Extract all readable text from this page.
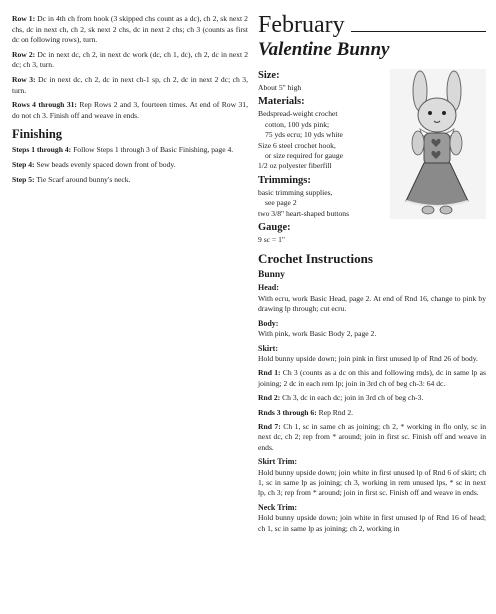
Row 1: Dc in 4th ch from hook (3 skipped chs count as a dc), ch 2, sk next 2 chs, dc in next ch, ch 2, sk next 2 chs, dc in next 2 chs; ch 3 (counts as first dc on following rows), turn.

Row 2: Dc in next dc, ch 2, in next dc work (dc, ch 1, dc), ch 2, dc in next 2 dc; ch 3, turn.

Row 3: Dc in next dc, ch 2, dc in next ch-1 sp, ch 2, dc in next 2 dc; ch 3, turn.

Rows 4 through 31: Rep Rows 2 and 3, fourteen times. At end of Row 31, do not ch 3. Finish off and weave in ends.

Finishing

Steps 1 through 4: Follow Steps 1 through 3 of Basic Finishing, page 4.

Step 4: Sew beads evenly spaced down front of body.

Step 5: Tie Scarf around bunny's neck.

February
Valentine Bunny
Size:
About 5" high
Materials:
Bedspread-weight crochet
cotton, 100 yds pink;
75 yds ecru; 10 yds white
Size 6 steel crochet hook,
or size required for gauge
1/2 oz polyester fiberfill
Trimmings:
basic trimming supplies,
see page 2
two 3/8" heart-shaped buttons
Gauge:
9 sc = 1"
Crochet Instructions
Bunny
Head:

With ecru, work Basic Head, page 2. At end of Rnd 16, change to pink by drawing lp through; cut ecru.

Body:

With pink, work Basic Body 2, page 2.

Skirt:

Hold bunny upside down; join pink in first unused lp of Rnd 26 of body.

Rnd 1: Ch 3 (counts as a dc on this and following rnds), dc in same lp as joining; 2 dc in each rem lp; join in 3rd ch of beg ch-3: 64 dc.

Rnd 2: Ch 3, dc in each dc; join in 3rd ch of beg ch-3.

Rnds 3 through 6: Rep Rnd 2.

Rnd 7: Ch 1, sc in same ch as joining; ch 2, * working in flo only, sc in next dc, ch 2; rep from * around; join in first sc. Finish off and weave in ends.

Skirt Trim:

Hold bunny upside down; join white in first unused lp of Rnd 6 of skirt; ch 1, sc in same lp as joining; ch 3, working in rem unused lps, * sc in next lp, ch 3; rep from * around; join in first sc. Finish off and weave in ends.

Neck Trim:

Hold bunny upside down; join white in first unused lp of Rnd 16 of head; ch 1, sc in same lp as joining; ch 2, working in
